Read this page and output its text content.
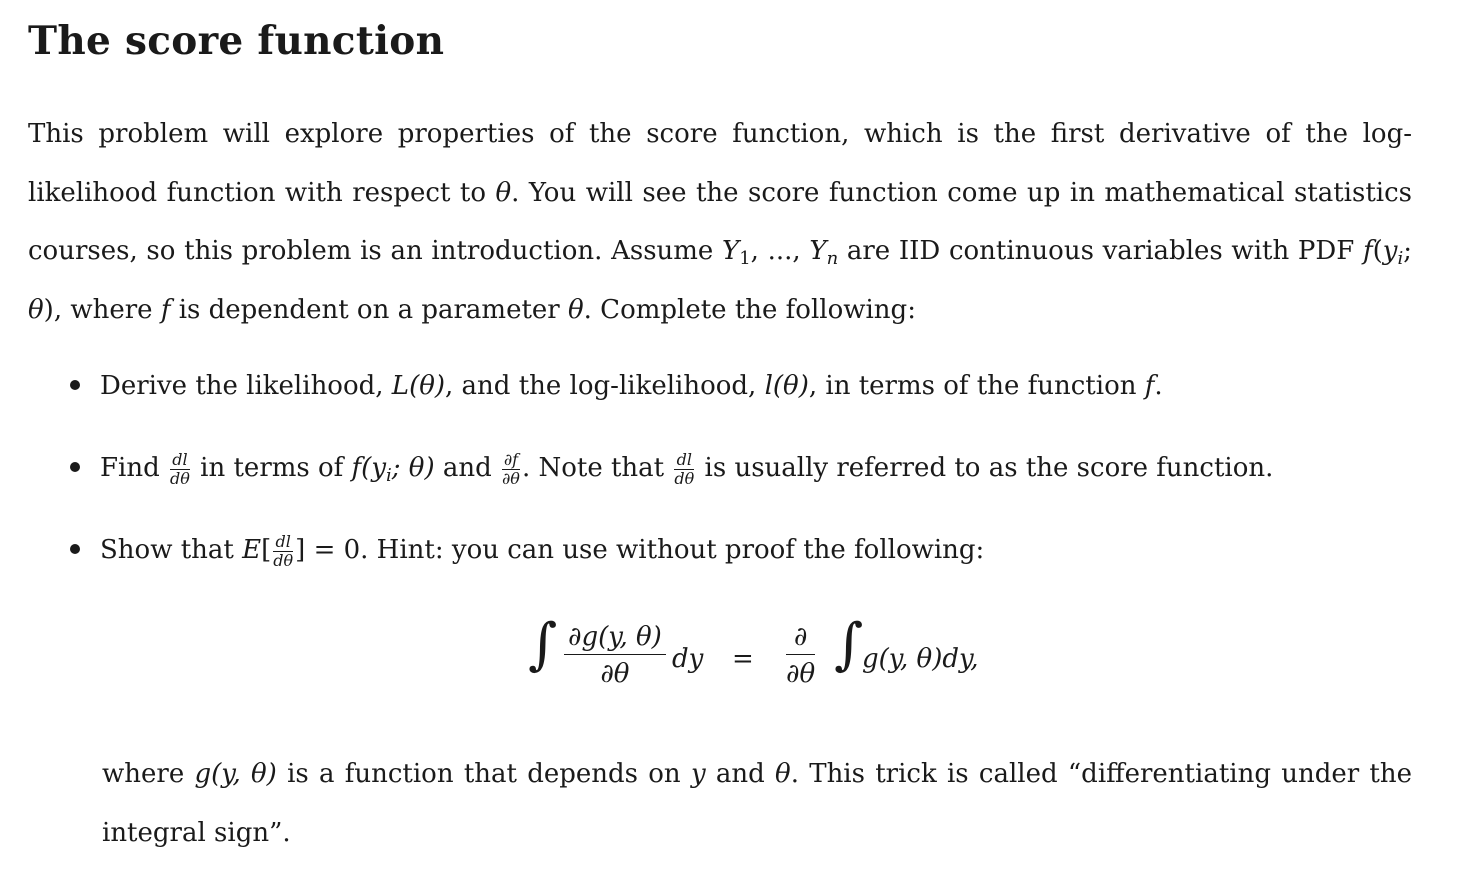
The score function
This problem will explore properties of the score function, which is the first derivative of the log-likelihood function with respect to θ. You will see the score function come up in mathematical statistics courses, so this problem is an introduction. Assume $Y_1$, ..., $Y_n$ are IID continuous variables with PDF $f(y_i$; θ), where f is dependent on a parameter θ. Complete the following:
Derive the likelihood, L(θ), and the log-likelihood, l(θ), in terms of the function f.
Find $\frac{dl}{d\theta}$ in terms of $f(y_i$; θ) and $\frac{\partial f}{\partial\theta}$ . Note that $\frac{dl}{d\theta}$ is usually referred to as the score function.
Show that $E[ \frac{dl}{d\theta}$ ] = 0. Hint: you can use without proof the following:
∫ $\frac{\partial g(y, \theta)}{\partial\theta}$ dy =
∂
∂θ ∫
g(y, θ)dy,
where g(y, θ) is a function that depends on y and θ. This trick is called “differentiating under the integral sign”.
